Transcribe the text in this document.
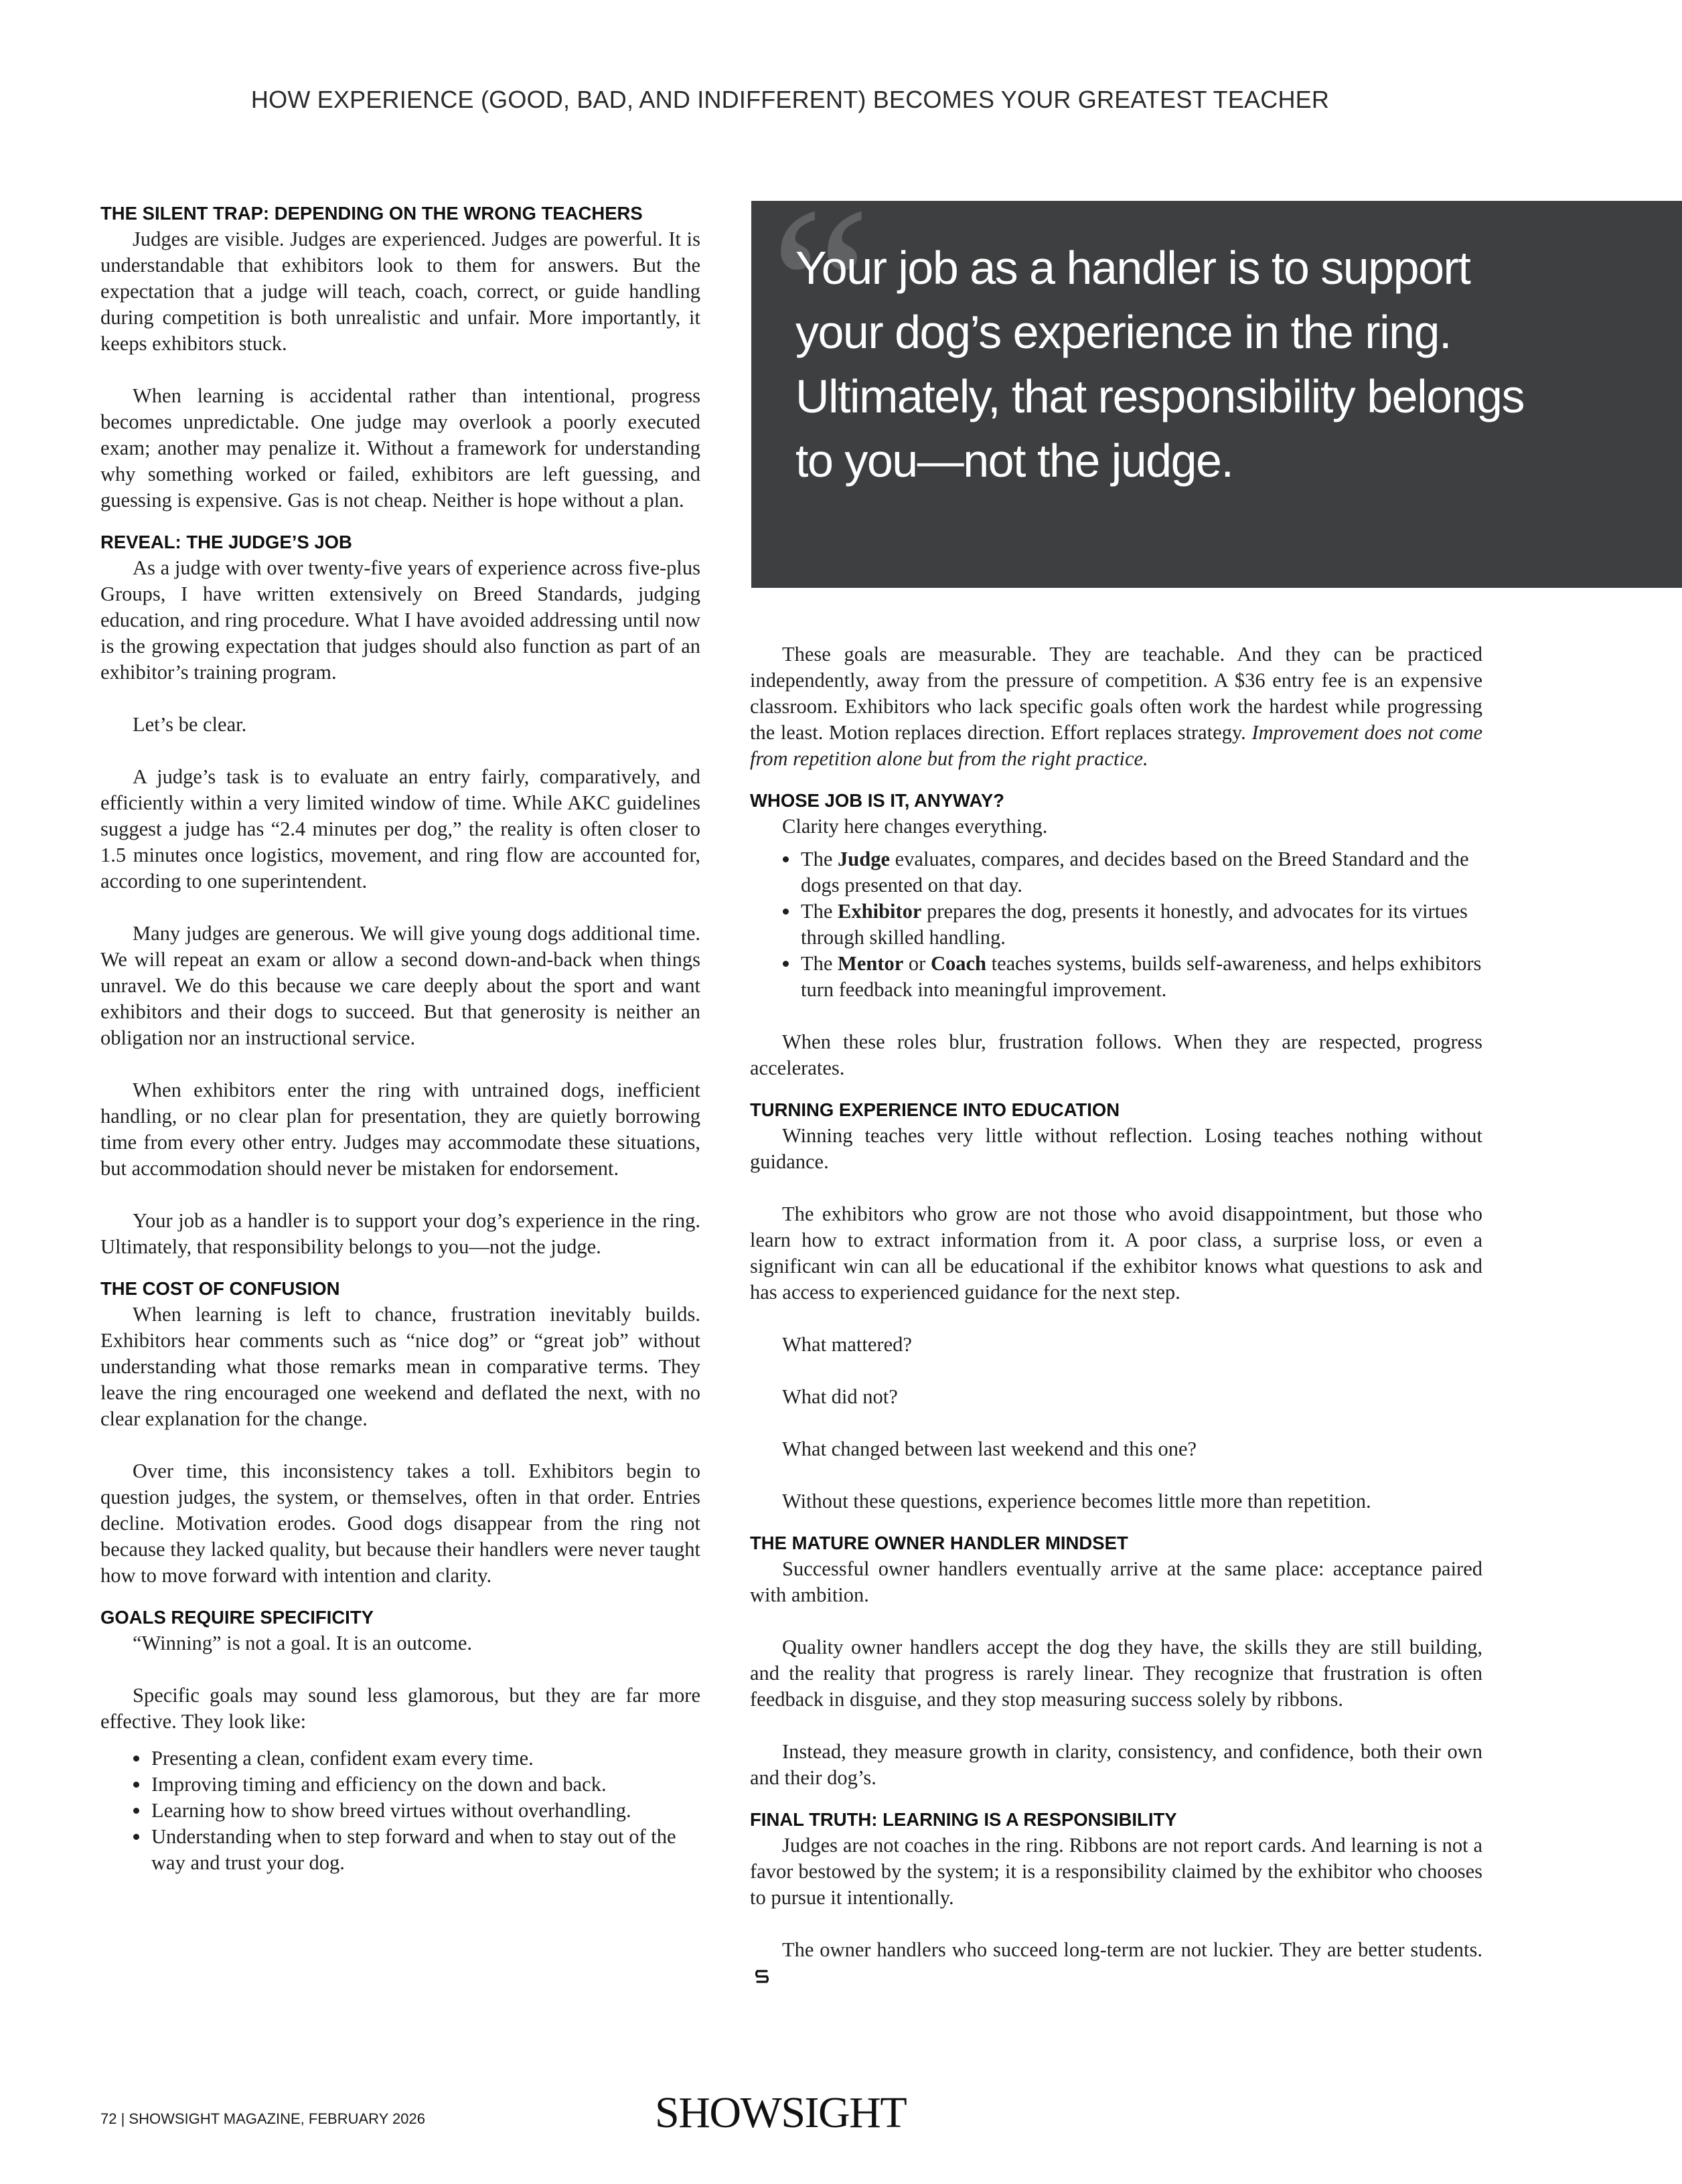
HOW EXPERIENCE (GOOD, BAD, AND INDIFFERENT) BECOMES YOUR GREATEST TEACHER
THE SILENT TRAP: DEPENDING ON THE WRONG TEACHERS

Judges are visible. Judges are experienced. Judges are powerful. It is understandable that exhibitors look to them for answers. But the expectation that a judge will teach, coach, correct, or guide handling during competition is both unrealistic and unfair. More importantly, it keeps exhibitors stuck.

When learning is accidental rather than intentional, progress becomes unpredictable. One judge may overlook a poorly executed exam; another may penalize it. Without a framework for understanding why something worked or failed, exhibitors are left guessing, and guessing is expensive. Gas is not cheap. Neither is hope without a plan.

REVEAL: THE JUDGE’S JOB

As a judge with over twenty-five years of experience across five-plus Groups, I have written extensively on Breed Standards, judging education, and ring procedure. What I have avoided addressing until now is the growing expectation that judges should also function as part of an exhibitor’s training program.

Let’s be clear.

A judge’s task is to evaluate an entry fairly, comparatively, and efficiently within a very limited window of time. While AKC guidelines suggest a judge has “2.4 minutes per dog,” the reality is often closer to 1.5 minutes once logistics, movement, and ring flow are accounted for, according to one superintendent.

Many judges are generous. We will give young dogs additional time. We will repeat an exam or allow a second down-and-back when things unravel. We do this because we care deeply about the sport and want exhibitors and their dogs to succeed. But that generosity is neither an obligation nor an instructional service.

When exhibitors enter the ring with untrained dogs, inefficient handling, or no clear plan for presentation, they are quietly borrowing time from every other entry. Judges may accommodate these situations, but accommodation should never be mistaken for endorsement.

Your job as a handler is to support your dog’s experience in the ring. Ultimately, that responsibility belongs to you—not the judge.

THE COST OF CONFUSION

When learning is left to chance, frustration inevitably builds. Exhibitors hear comments such as “nice dog” or “great job” without understanding what those remarks mean in comparative terms. They leave the ring encouraged one weekend and deflated the next, with no clear explanation for the change.

Over time, this inconsistency takes a toll. Exhibitors begin to question judges, the system, or themselves, often in that order. Entries decline. Motivation erodes. Good dogs disappear from the ring not because they lacked quality, but because their handlers were never taught how to move forward with intention and clarity.

GOALS REQUIRE SPECIFICITY

“Winning” is not a goal. It is an outcome.

Specific goals may sound less glamorous, but they are far more effective. They look like:

• Presenting a clean, confident exam every time.
• Improving timing and efficiency on the down and back.
• Learning how to show breed virtues without overhandling.
• Understanding when to step forward and when to stay out of the way and trust your dog.
“
Your job as a handler is to support your dog’s experience in the ring. Ultimately, that responsibility belongs to you—not the judge.

These goals are measurable. They are teachable. And they can be practiced independently, away from the pressure of competition. A $36 entry fee is an expensive classroom. Exhibitors who lack specific goals often work the hardest while progressing the least. Motion replaces direction. Effort replaces strategy. Improvement does not come from repetition alone but from the right practice.

WHOSE JOB IS IT, ANYWAY?

Clarity here changes everything.

• The Judge evaluates, compares, and decides based on the Breed Standard and the dogs presented on that day.
• The Exhibitor prepares the dog, presents it honestly, and advocates for its virtues through skilled handling.
• The Mentor or Coach teaches systems, builds self-awareness, and helps exhibitors turn feedback into meaningful improvement.

When these roles blur, frustration follows. When they are respected, progress accelerates.

TURNING EXPERIENCE INTO EDUCATION

Winning teaches very little without reflection. Losing teaches nothing without guidance.

The exhibitors who grow are not those who avoid disappointment, but those who learn how to extract information from it. A poor class, a surprise loss, or even a significant win can all be educational if the exhibitor knows what questions to ask and has access to experienced guidance for the next step.

What mattered?

What did not?

What changed between last weekend and this one?

Without these questions, experience becomes little more than repetition.

THE MATURE OWNER HANDLER MINDSET

Successful owner handlers eventually arrive at the same place: acceptance paired with ambition.

Quality owner handlers accept the dog they have, the skills they are still building, and the reality that progress is rarely linear. They recognize that frustration is often feedback in disguise, and they stop measuring success solely by ribbons.

Instead, they measure growth in clarity, consistency, and confidence, both their own and their dog’s.

FINAL TRUTH: LEARNING IS A RESPONSIBILITY

Judges are not coaches in the ring. Ribbons are not report cards. And learning is not a favor bestowed by the system; it is a responsibility claimed by the exhibitor who chooses to pursue it intentionally.

The owner handlers who succeed long-term are not luckier. They are better students.

72 | SHOWSIGHT MAGAZINE, FEBRUARY 2026	SHOWSIGHT
